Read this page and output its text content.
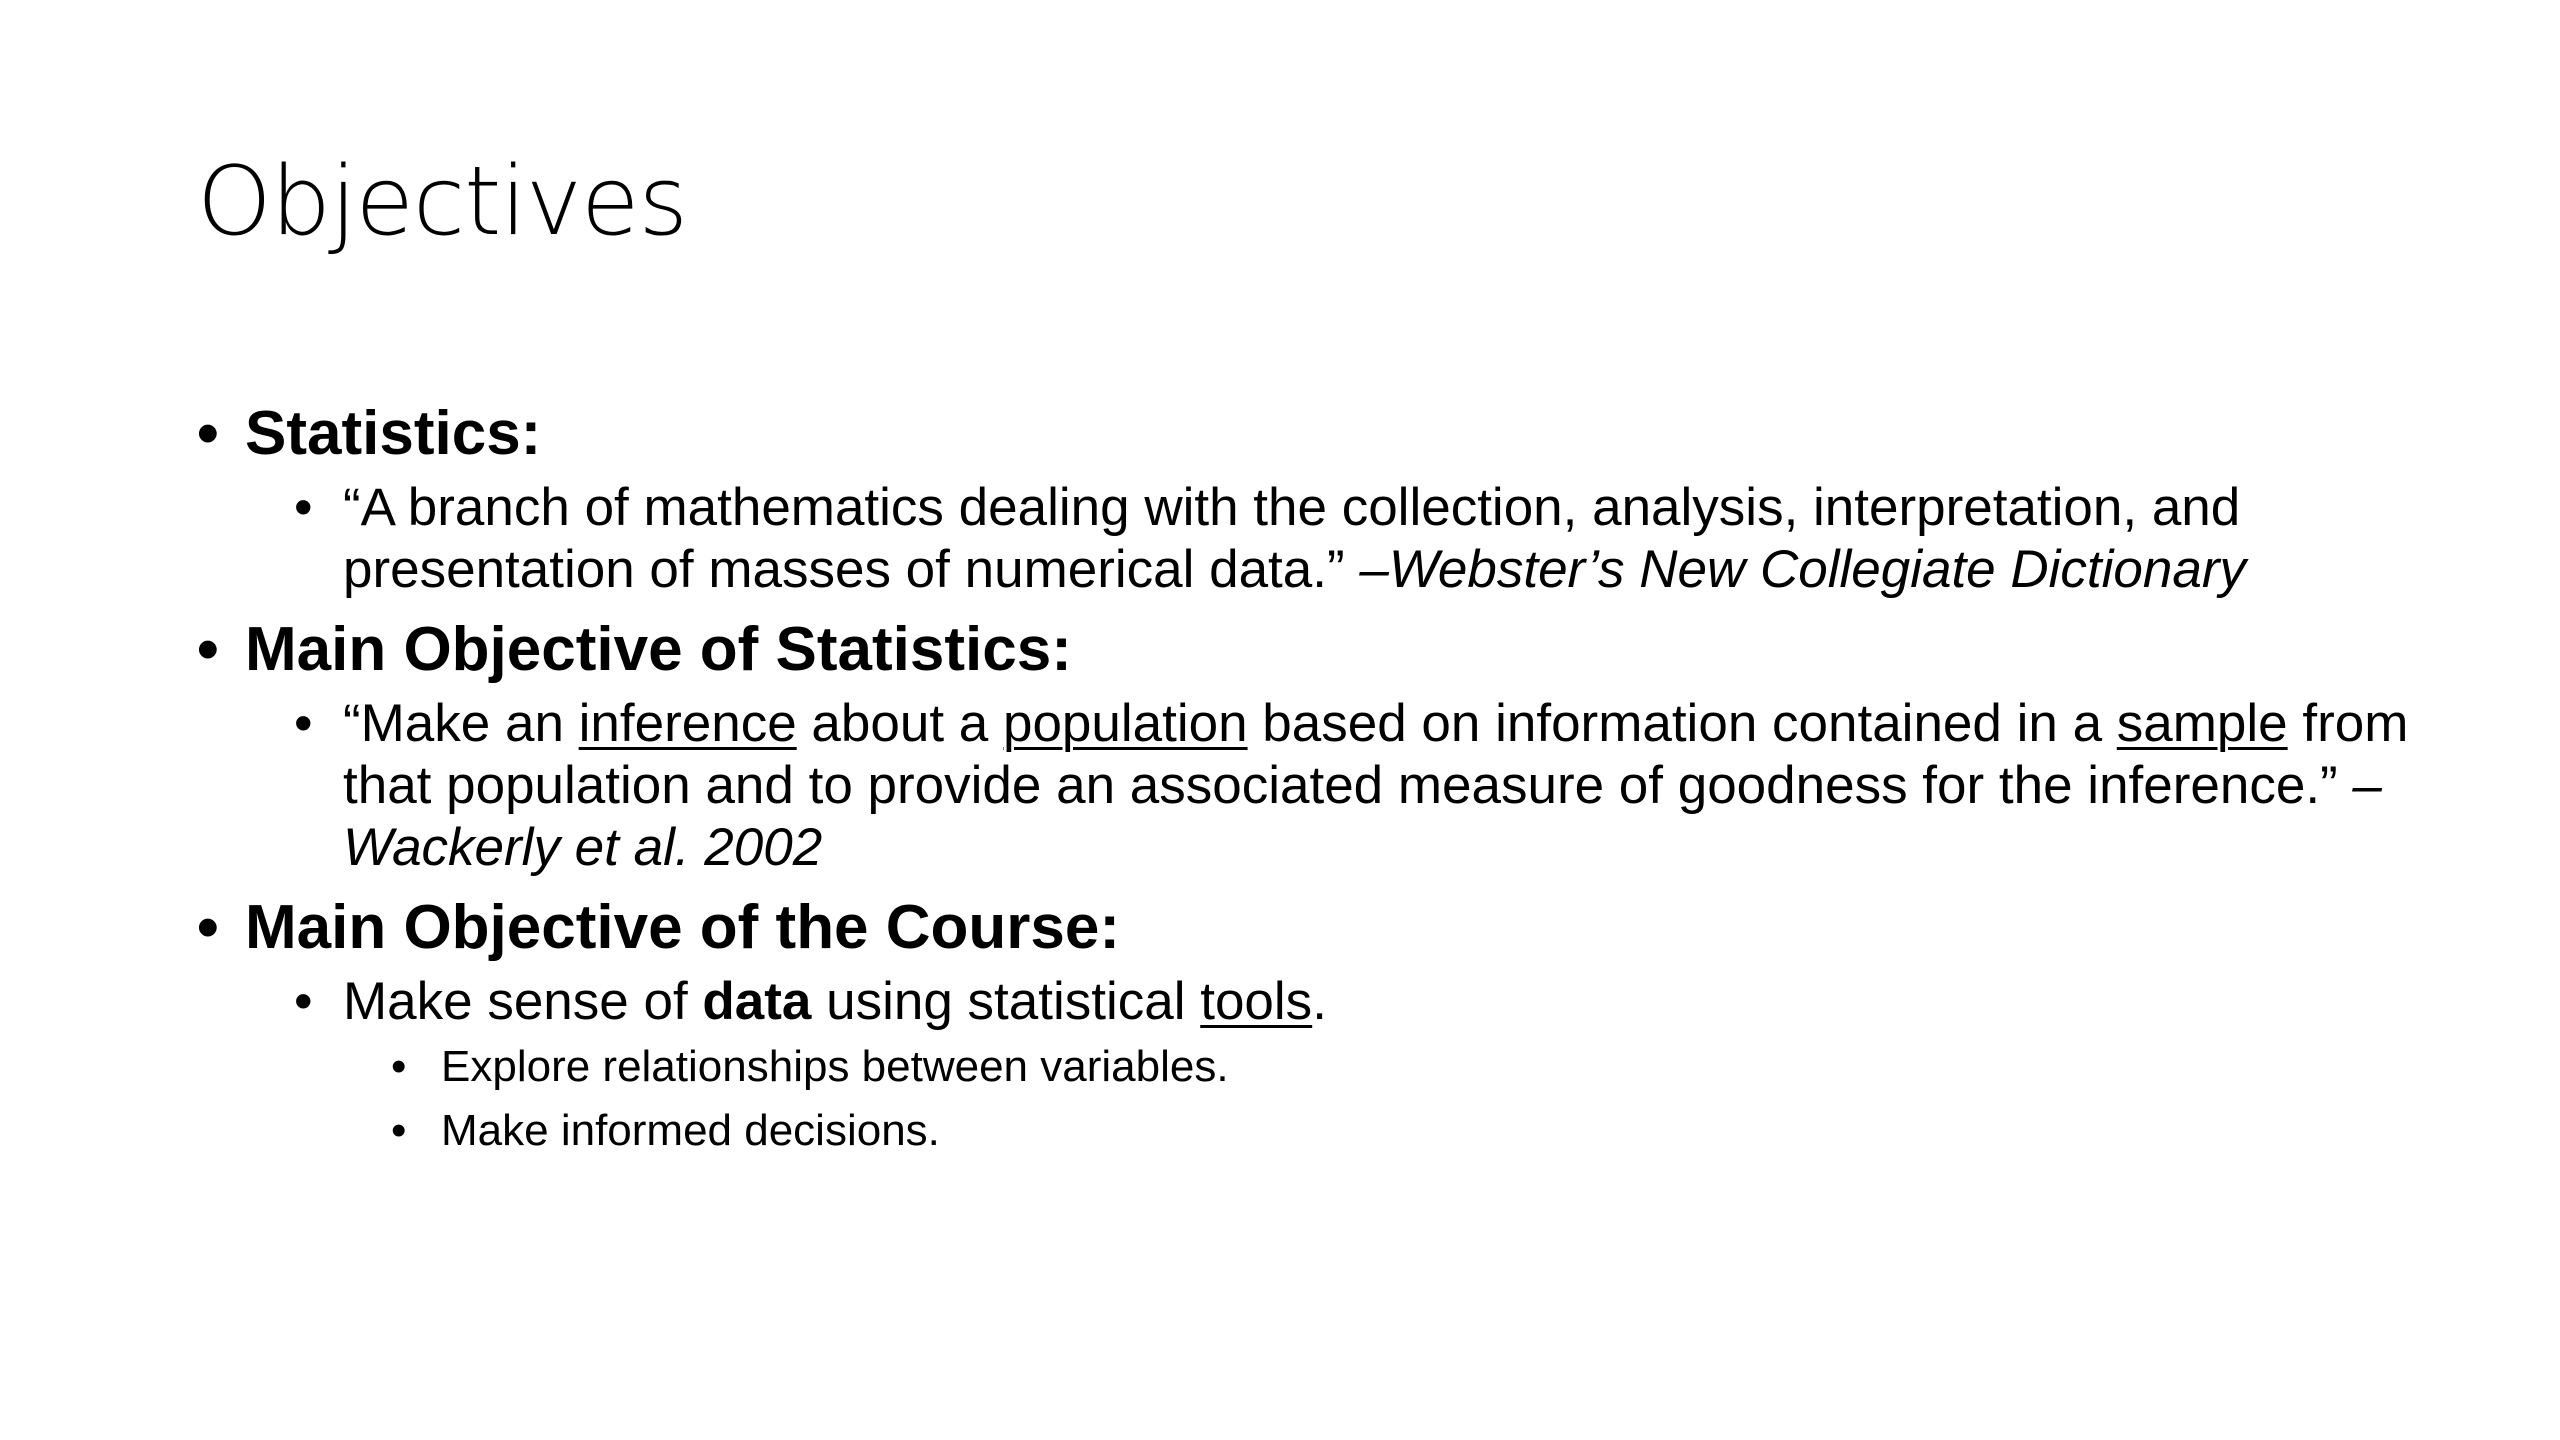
Objectives
• Statistics:
• “A branch of mathematics dealing with the collection, analysis, interpretation, and presentation of masses of numerical data.” –Webster’s New Collegiate Dictionary
• Main Objective of Statistics:
• “Make an inference about a population based on information contained in a sample from that population and to provide an associated measure of goodness for the inference.” –Wackerly et al. 2002
• Main Objective of the Course:
• Make sense of data using statistical tools.
• Explore relationships between variables.
• Make informed decisions.
